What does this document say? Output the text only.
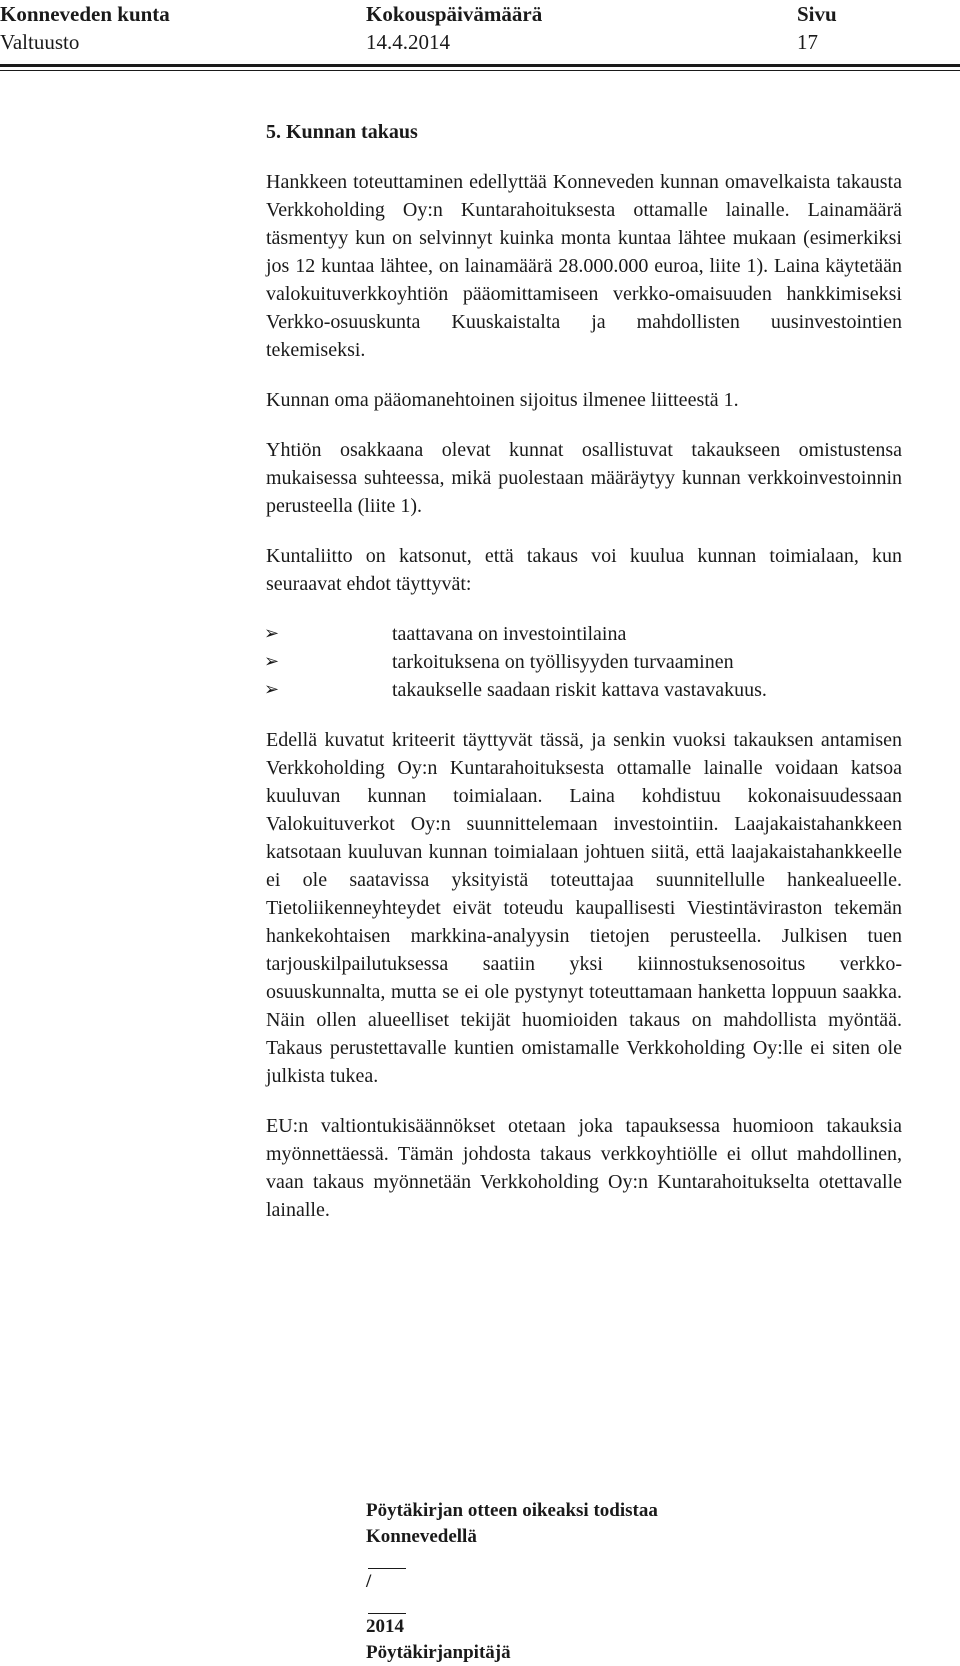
Konneveden kunta
Valtuusto
Kokouspäivämäärä
14.4.2014
Sivu
17
5. Kunnan takaus

Hankkeen toteuttaminen edellyttää Konneveden kunnan omavelkaista takausta Verkkoholding Oy:n Kuntarahoituksesta ottamalle lainalle. Lainamäärä täsmentyy kun on selvinnyt kuinka monta kuntaa lähtee mukaan (esimerkiksi jos 12 kuntaa lähtee, on lainamäärä 28.000.000 euroa, liite 1). Laina käytetään valokuituverkkoyhtiön pääomittamiseen verkko-omaisuuden hankkimiseksi Verkko-osuuskunta Kuuskaistalta ja mahdollisten uusinvestointien tekemiseksi.

Kunnan oma pääomanehtoinen sijoitus ilmenee liitteestä 1.

Yhtiön osakkaana olevat kunnat osallistuvat takaukseen omistustensa mukaisessa suhteessa, mikä puolestaan määräytyy kunnan verkkoinvestoinnin perusteella (liite 1).

Kuntaliitto on katsonut, että takaus voi kuulua kunnan toimialaan, kun seuraavat ehdot täyttyvät:

➢	taattavana on investointilaina
➢	tarkoituksena on työllisyyden turvaaminen
➢	takaukselle saadaan riskit kattava vastavakuus.

Edellä kuvatut kriteerit täyttyvät tässä, ja senkin vuoksi takauksen antamisen Verkkoholding Oy:n Kuntarahoituksesta ottamalle lainalle voidaan katsoa kuuluvan kunnan toimialaan. Laina kohdistuu kokonaisuudessaan Valokuituverkot Oy:n suunnittelemaan investointiin. Laajakaistahankkeen katsotaan kuuluvan kunnan toimialaan johtuen siitä, että laajakaistahankkeelle ei ole saatavissa yksityistä toteuttajaa suunnitellulle hankealueelle. Tietoliikenneyhteydet eivät toteudu kaupallisesti Viestintäviraston tekemän hankekohtaisen markkina-analyysin tietojen perusteella. Julkisen tuen tarjouskilpailutuksessa saatiin yksi kiinnostuksenosoitus verkko-osuuskunnalta, mutta se ei ole pystynyt toteuttamaan hanketta loppuun saakka. Näin ollen alueelliset tekijät huomioiden takaus on mahdollista myöntää. Takaus perustettavalle kuntien omistamalle Verkkoholding Oy:lle ei siten ole julkista tukea.

EU:n valtiontukisäännökset otetaan joka tapauksessa huomioon takauksia myönnettäessä. Tämän johdosta takaus verkkoyhtiölle ei ollut mahdollinen, vaan takaus myönnetään Verkkoholding Oy:n Kuntarahoitukselta otettavalle lainalle.

Pöytäkirjan otteen oikeaksi todistaa
Konnevedellä
/
2014
Pöytäkirjanpitäjä
